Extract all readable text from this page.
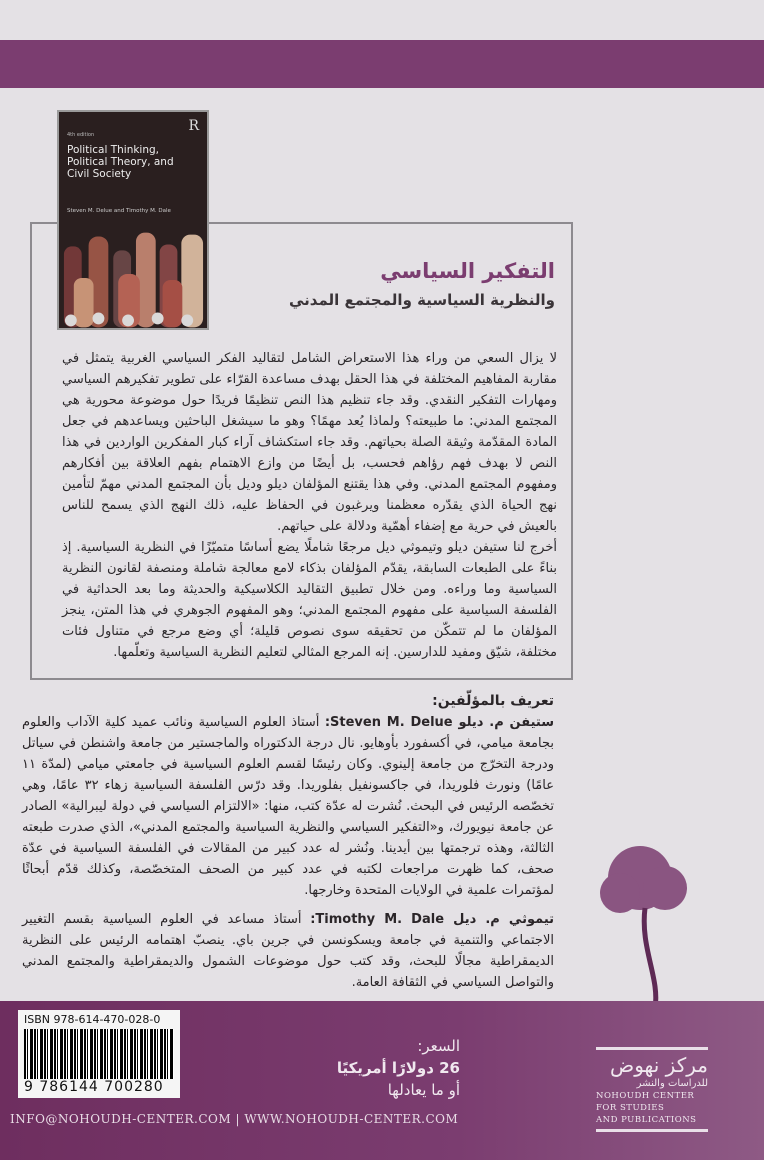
4th edition
R
Political Thinking, Political Theory, and Civil Society
Steven M. Delue and Timothy M. Dale
التفكير السياسي
والنظرية السياسية والمجتمع المدني

لا يزال السعي من وراء هذا الاستعراض الشامل لتقاليد الفكر السياسي الغربية يتمثل في مقاربة المفاهيم المختلفة في هذا الحقل بهدف مساعدة القرّاء على تطوير تفكيرهم السياسي ومهارات التفكير النقدي. وقد جاء تنظيم هذا النص تنظيمًا فريدًا حول موضوعة محورية هي المجتمع المدني: ما طبيعته؟ ولماذا يُعد مهمًا؟ وهو ما سيشغل الباحثين ويساعدهم في جعل المادة المقدّمة وثيقة الصلة بحياتهم. وقد جاء استكشاف آراء كبار المفكرين الواردين في هذا النص لا بهدف فهم رؤاهم فحسب، بل أيضًا من وازع الاهتمام بفهم العلاقة بين أفكارهم ومفهوم المجتمع المدني. وفي هذا يقتنع المؤلفان ديلو وديل بأن المجتمع المدني مهمّ لتأمين نهج الحياة الذي يقدّره معظمنا ويرغبون في الحفاظ عليه، ذلك النهج الذي يسمح للناس بالعيش في حرية مع إضفاء أهمّية ودلالة على حياتهم.

أخرج لنا ستيفن ديلو وتيموثي ديل مرجعًا شاملًا يضع أساسًا متميّزًا في النظرية السياسية. إذ بناءً على الطبعات السابقة، يقدّم المؤلفان بذكاء لامع معالجة شاملة ومنصفة لقانون النظرية السياسية وما وراءه. ومن خلال تطبيق التقاليد الكلاسيكية والحديثة وما بعد الحداثية في الفلسفة السياسية على مفهوم المجتمع المدني؛ وهو المفهوم الجوهري في هذا المتن، ينجز المؤلفان ما لم تتمكّن من تحقيقه سوى نصوص قليلة؛ أي وضع مرجع في متناول فئات مختلفة، شيّق ومفيد للدارسين. إنه المرجع المثالي لتعليم النظرية السياسية وتعلّمها.

تعريف بالمؤلّفين:

ستيفن م. ديلو Steven M. Delue: أستاذ العلوم السياسية ونائب عميد كلية الآداب والعلوم بجامعة ميامي، في أكسفورد بأوهايو. نال درجة الدكتوراه والماجستير من جامعة واشنطن في سياتل ودرجة التخرّج من جامعة إلينوي. وكان رئيسًا لقسم العلوم السياسية في جامعتي ميامي (لمدّة ١١ عامًا) ونورث فلوريدا، في جاكسونفيل بفلوريدا. وقد درّس الفلسفة السياسية زهاء ٣٢ عامًا، وهي تخصّصه الرئيس في البحث. نُشرت له عدّة كتب، منها: «الالتزام السياسي في دولة ليبرالية» الصادر عن جامعة نيويورك، و«التفكير السياسي والنظرية السياسية والمجتمع المدني»، الذي صدرت طبعته الثالثة، وهذه ترجمتها بين أيدينا. ونُشر له عدد كبير من المقالات في الفلسفة السياسية في عدّة صحف، كما ظهرت مراجعات لكتبه في عدد كبير من الصحف المتخصّصة، وكذلك قدّم أبحاثًا لمؤتمرات علمية في الولايات المتحدة وخارجها.

تيموثي م. ديل Timothy M. Dale: أستاذ مساعد في العلوم السياسية بقسم التغيير الاجتماعي والتنمية في جامعة ويسكونسن في جرين باي. ينصبّ اهتمامه الرئيس على النظرية الديمقراطية مجالًا للبحث، وقد كتب حول موضوعات الشمول والديمقراطية والمجتمع المدني والتواصل السياسي في الثقافة العامة.

ISBN 978-614-470-028-0
9 786144 700280
السعر:
26 دولارًا أمريكيًا
أو ما يعادلها
INFO@NOHOUDH-CENTER.COM | WWW.NOHOUDH-CENTER.COM
مركز نهوض
للدراسات والنشر
NOHOUDH CENTER
FOR STUDIES
AND PUBLICATIONS
